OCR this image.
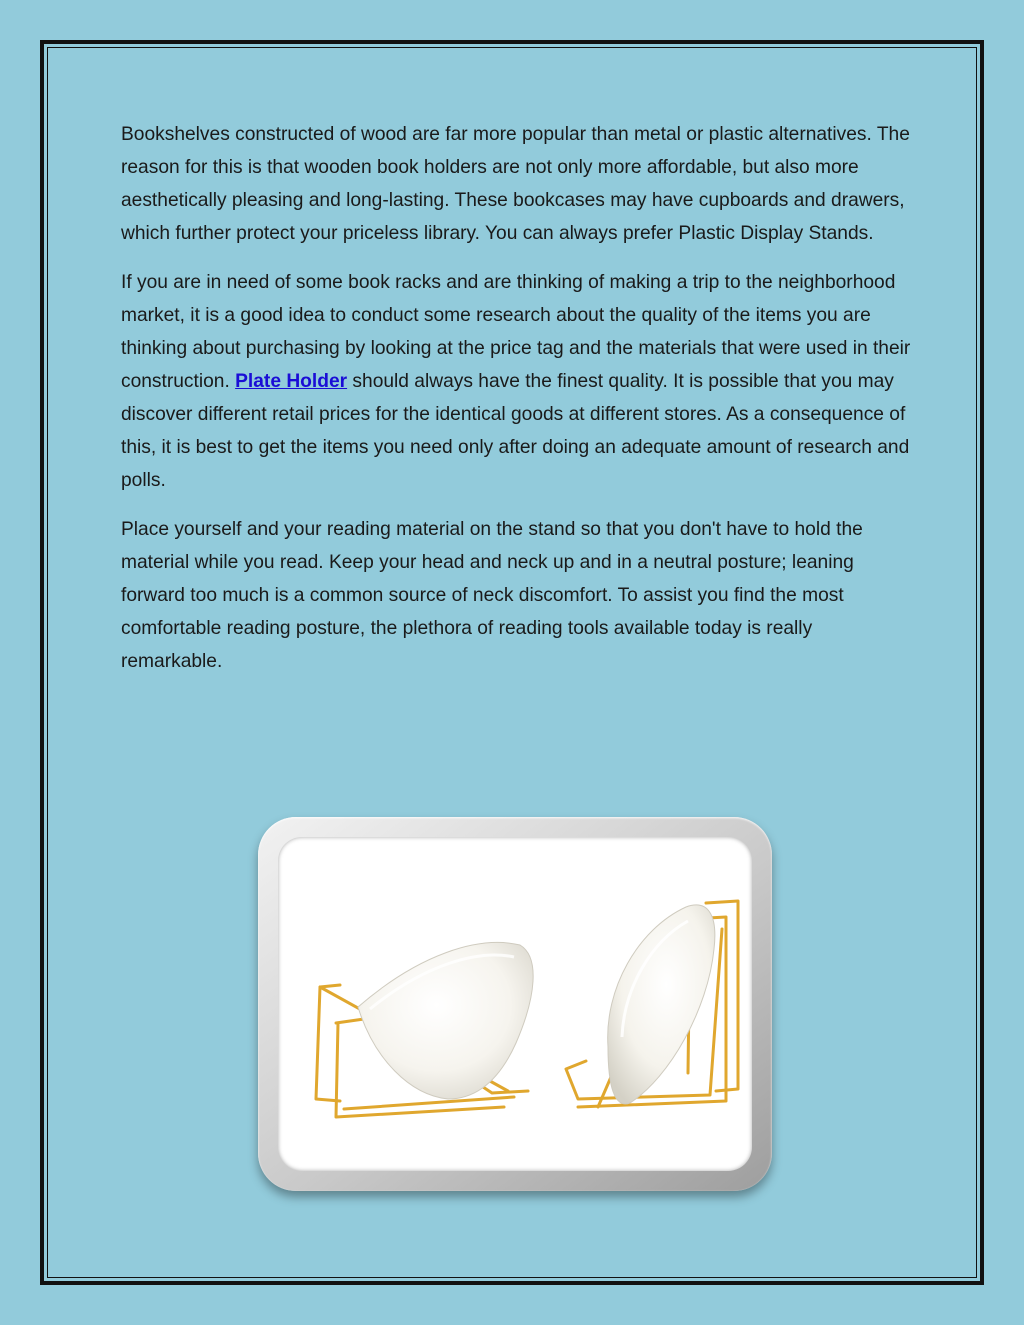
Bookshelves constructed of wood are far more popular than metal or plastic alternatives. The reason for this is that wooden book holders are not only more affordable, but also more aesthetically pleasing and long-lasting. These bookcases may have cupboards and drawers, which further protect your priceless library. You can always prefer Plastic Display Stands.

If you are in need of some book racks and are thinking of making a trip to the neighborhood market, it is a good idea to conduct some research about the quality of the items you are thinking about purchasing by looking at the price tag and the materials that were used in their construction. Plate Holder should always have the finest quality. It is possible that you may discover different retail prices for the identical goods at different stores. As a consequence of this, it is best to get the items you need only after doing an adequate amount of research and polls.

Place yourself and your reading material on the stand so that you don't have to hold the material while you read. Keep your head and neck up and in a neutral posture; leaning forward too much is a common source of neck discomfort. To assist you find the most comfortable reading posture, the plethora of reading tools available today is really remarkable.
